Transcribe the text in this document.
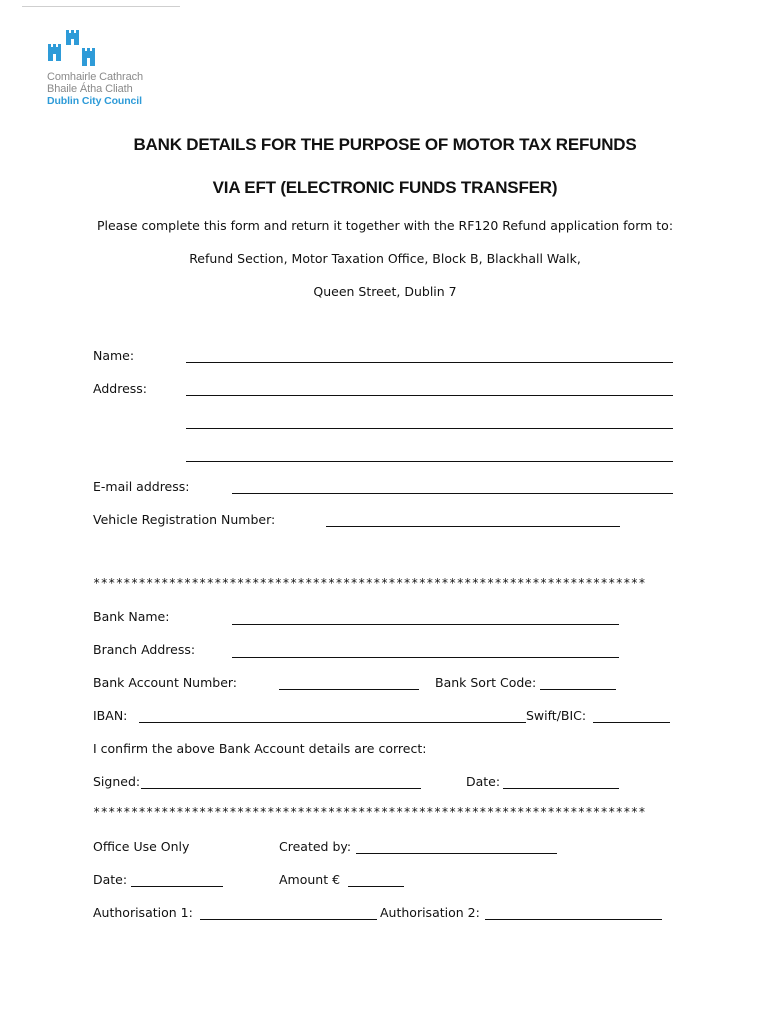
Comhairle Cathrach
Bhaile Átha Cliath
Dublin City Council
BANK DETAILS FOR THE PURPOSE OF MOTOR TAX REFUNDS
VIA EFT (ELECTRONIC FUNDS TRANSFER)
Please complete this form and return it together with the RF120 Refund application form to:
Refund Section, Motor Taxation Office, Block B, Blackhall Walk,
Queen Street, Dublin 7
Name:
Address:
E-mail address:
Vehicle Registration Number:
*************************************************************************
Bank Name:
Branch Address:
Bank Account Number:	Bank Sort Code:
IBAN:	Swift/BIC:
I confirm the above Bank Account details are correct:
Signed:	Date:
*************************************************************************
Office Use Only	Created by:
Date:	Amount €
Authorisation 1:	Authorisation 2:
